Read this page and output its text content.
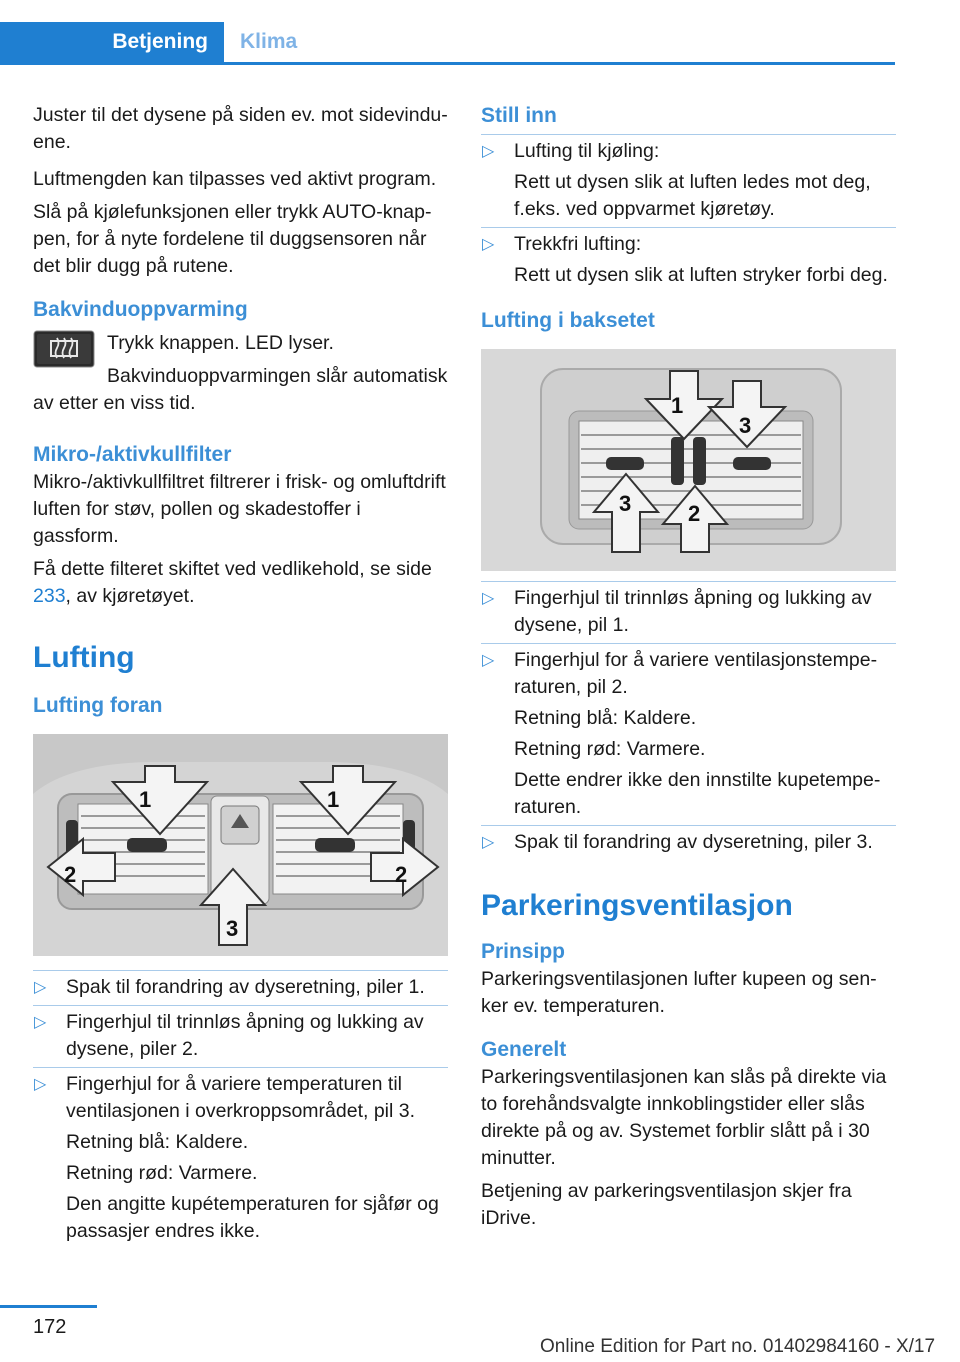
Betjening	Klima

Juster til det dysene på siden ev. mot sidevinduene.

Luftmengden kan tilpasses ved aktivt program.

Slå på kjølefunksjonen eller trykk AUTO-knappen, for å nyte fordelene til duggsensoren når det blir dugg på rutene.

Bakvinduoppvarming

Trykk knappen. LED lyser.

Bakvinduoppvarmingen slår automatisk av etter en viss tid.

Mikro-/aktivkullfilter

Mikro-/aktivkullfiltret filtrerer i frisk- og omluftdrift luften for støv, pollen og skadestoffer i gassform.

Få dette filteret skiftet ved vedlikehold, se side 233, av kjøretøyet.

Lufting
Lufting foran
1	1
2	2
3
▷ Spak til forandring av dyseretning, piler 1.
▷ Fingerhjul til trinnløs åpning og lukking av dysene, piler 2.
▷ Fingerhjul for å variere temperaturen til ventilasjonen i overkroppsområdet, pil 3.
Retning blå: Kaldere.
Retning rød: Varmere.
Den angitte kupétemperaturen for sjåfør og passasjer endres ikke.
Still inn
▷ Lufting til kjøling:
Rett ut dysen slik at luften ledes mot deg, f.eks. ved oppvarmet kjøretøy.
▷ Trekkfri lufting:
Rett ut dysen slik at luften stryker forbi deg.
Lufting i baksetet
1
3
3	2
▷ Fingerhjul til trinnløs åpning og lukking av dysene, pil 1.
▷ Fingerhjul for å variere ventilasjonstemperaturen, pil 2.
Retning blå: Kaldere.
Retning rød: Varmere.
Dette endrer ikke den innstilte kupetemperaturen.
▷ Spak til forandring av dyseretning, piler 3.
Parkeringsventilasjon
Prinsipp

Parkeringsventilasjonen lufter kupeen og senker ev. temperaturen.

Generelt

Parkeringsventilasjonen kan slås på direkte via to forehåndsvalgte innkoblingstider eller slås direkte på og av. Systemet forblir slått på i 30 minutter.

Betjening av parkeringsventilasjon skjer fra iDrive.

172
Online Edition for Part no. 01402984160 - X/17
